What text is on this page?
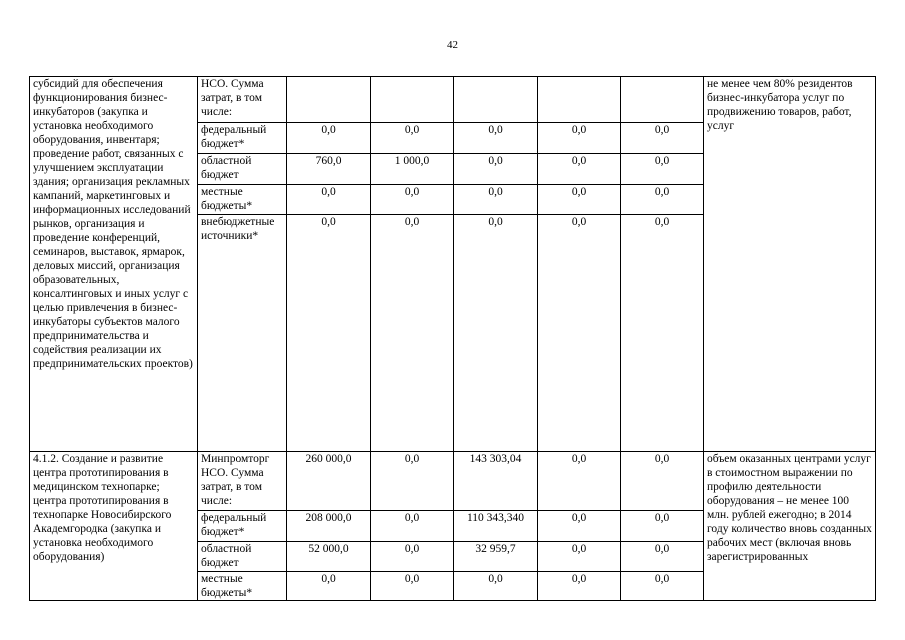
42
субсидий для обеспечения функционирования бизнес-инкубаторов (закупка и установка необходимого оборудования, инвентаря; проведение работ, связанных с улучшением эксплуатации здания; организация рекламных кампаний, маркетинговых и информационных исследований рынков, организация и проведение конференций, семинаров, выставок, ярмарок, деловых миссий, организация образовательных, консалтинговых и иных услуг с целью привлечения в бизнес-инкубаторы субъектов малого предпринимательства и содействия реализации их предпринимательских проектов)	НСО. Сумма затрат, в том числе:						не менее чем 80% резидентов бизнес-инкубатора услуг по продвижению товаров, работ, услуг
	федеральный бюджет*	0,0	0,0	0,0	0,0	0,0	
	областной бюджет	760,0	1 000,0	0,0	0,0	0,0	
	местные бюджеты*	0,0	0,0	0,0	0,0	0,0	
	внебюджетные источники*	0,0	0,0	0,0	0,0	0,0	
4.1.2. Создание и развитие центра прототипирования в медицинском технопарке; центра прототипирования в технопарке Новосибирского Академгородка (закупка и установка необходимого оборудования)	Минпромторг НСО. Сумма затрат, в том числе:	260 000,0	0,0	143 303,04	0,0	0,0	объем оказанных центрами услуг в стоимостном выражении по профилю деятельности оборудования – не менее 100 млн. рублей ежегодно; в 2014 году количество вновь созданных рабочих мест (включая вновь зарегистрированных
	федеральный бюджет*	208 000,0	0,0	110 343,340	0,0	0,0	
	областной бюджет	52 000,0	0,0	32 959,7	0,0	0,0	
	местные бюджеты*	0,0	0,0	0,0	0,0	0,0	
